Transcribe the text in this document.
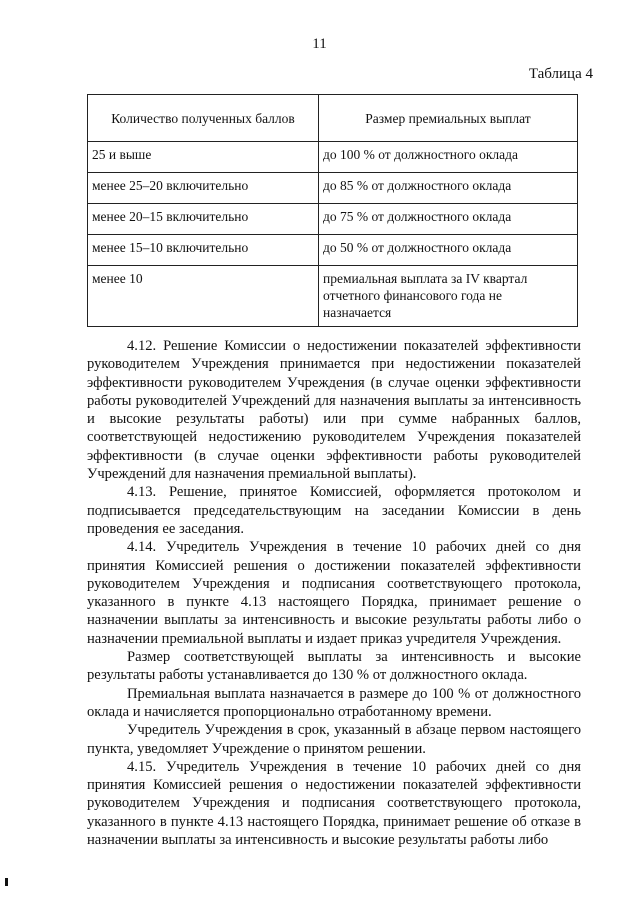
11
Таблица 4
Количество полученных баллов	Размер премиальных выплат
25 и выше	до 100 % от должностного оклада
менее 25–20 включительно	до 85 % от должностного оклада
менее 20–15 включительно	до 75 % от должностного оклада
менее 15–10 включительно	до 50 % от должностного оклада
менее 10	премиальная выплата за IV квартал отчетного финансового года не назначается

4.12. Решение Комиссии о недостижении показателей эффективности руководителем Учреждения принимается при недостижении показателей эффективности руководителем Учреждения (в случае оценки эффективности работы руководителей Учреждений для назначения выплаты за интенсивность и высокие результаты работы) или при сумме набранных баллов, соответствующей недостижению руководителем Учреждения показателей эффективности (в случае оценки эффективности работы руководителей Учреждений для назначения премиальной выплаты).

4.13. Решение, принятое Комиссией, оформляется протоколом и подписывается председательствующим на заседании Комиссии в день проведения ее заседания.

4.14. Учредитель Учреждения в течение 10 рабочих дней со дня принятия Комиссией решения о достижении показателей эффективности руководителем Учреждения и подписания соответствующего протокола, указанного в пункте 4.13 настоящего Порядка, принимает решение о назначении выплаты за интенсивность и высокие результаты работы либо о назначении премиальной выплаты и издает приказ учредителя Учреждения.

Размер соответствующей выплаты за интенсивность и высокие результаты работы устанавливается до 130 % от должностного оклада.

Премиальная выплата назначается в размере до 100 % от должностного оклада и начисляется пропорционально отработанному времени.

Учредитель Учреждения в срок, указанный в абзаце первом настоящего пункта, уведомляет Учреждение о принятом решении.

4.15. Учредитель Учреждения в течение 10 рабочих дней со дня принятия Комиссией решения о недостижении показателей эффективности руководителем Учреждения и подписания соответствующего протокола, указанного в пункте 4.13 настоящего Порядка, принимает решение об отказе в назначении выплаты за интенсивность и высокие результаты работы либо
